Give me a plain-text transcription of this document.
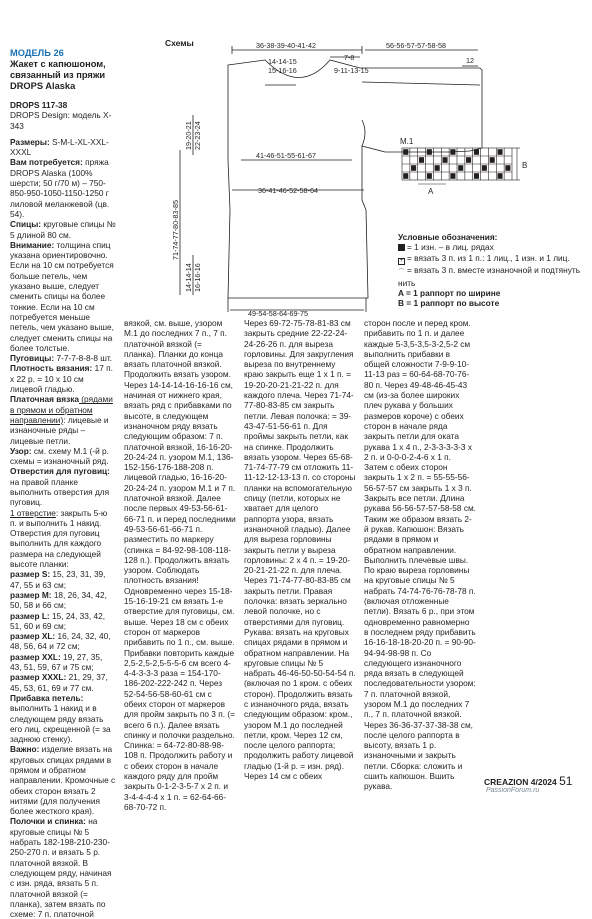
МОДЕЛЬ 26

Жакет с капюшоном, связанный из пряжи DROPS Alaska

DROPS 117-38

DROPS Design: модель X-343

Размеры: S-M-L-XL-XXL-XXXL

Вам потребуется: пряжа DROPS Alaska (100% шерсти; 50 г/70 м) – 750-850-950-1050-1150-1250 г лиловой меланжевой (цв. 54).

Спицы: круговые спицы № 5 длиной 80 см.

Внимание: толщина спиц указана ориентировочно. Если на 10 см потребуется больше петель, чем указано выше, следует сменить спицы на более тонкие. Если на 10 см потребуется меньше петель, чем указано выше, следует сменить спицы на более толстые.

Пуговицы: 7-7-7-8-8-8 шт.

Плотность вязания: 17 п. х 22 р. = 10 х 10 см лицевой гладью.

Платочная вязка (рядами в прямом и обратном направлении): лицевые и изнаночные ряды – лицевые петли.

Узор: см. схему М.1 (-й р. схемы = изнаночный ряд.

Отверстия для пуговиц: на правой планке выполнить отверстия для пуговиц.

1 отверстие: закрыть 5-ю п. и выполнить 1 накид. Отверстия для пуговиц выполнить для каждого размера на следующей высоте планки:

размер S: 15, 23, 31, 39, 47, 55 и 63 см;

размер М: 18, 26, 34, 42, 50, 58 и 66 см;

размер L: 15, 24, 33, 42, 51, 60 и 69 см;

размер XL: 16, 24, 32, 40, 48, 56, 64 и 72 см;

размер XXL: 19, 27, 35, 43, 51, 59, 67 и 75 см;

размер XXXL: 21, 29, 37, 45, 53, 61, 69 и 77 см.

Прибавка петель: выполнить 1 накид и в следующем ряду вязать его лиц. скрещенной (= за заднюю стенку).

Важно: изделие вязать на круговых спицах рядами в прямом и обратном направлении. Кромочные с обеих сторон вязать 2 нитями (для получения более жесткого края).

Полочки и спинка: на круговые спицы № 5 набрать 182-198-210-230-250-270 п. и вязать 5 р. платочной вязкой. В следующем ряду, начиная с изн. ряда, вязать 5 п. платочной вязкой (= планка), затем вязать по схеме: 7 п. платочной

Схемы	36-38-39-40-41-42
14-14-15
15-16-16
7-8
9-11-13-15
56-56-57-57-58-58
12
41-46-51-55-61-67
36-41-46-52-58-64
49-54-58-64-69-75
19-20-21 22-23-24
71-74-77-80-83-85
14-14-14 16-16-16
М.1
A
B

Условные обозначения:

= 1 изн. – в лиц. рядах

+ = вязать 3 п. из 1 п.: 1 лиц., 1 изн. и 1 лиц.

⌒ = вязать 3 п. вместе изнаночной и подтянуть нить

A = 1 раппорт по ширине

B = 1 раппорт по высоте

вязкой, см. выше, узором М.1 до последних 7 п., 7 п. платочной вязкой (= планка). Планки до конца вязать платочной вязкой. Продолжить вязать узором. Через 14-14-14-16-16-16 см, начиная от нижнего края, вязать ряд с прибавками по высоте, в следующем изнаночном ряду вязать следующим образом: 7 п. платочной вязкой, 16-16-20-20-24-24 п. узором М.1, 136-152-156-176-188-208 п. лицевой гладью, 16-16-20-20-24-24 п. узором М.1 и 7 п. платочной вязкой. Далее после первых 49-53-56-61-66-71 п. и перед последними 49-53-56-61-66-71 п. разместить по маркеру (спинка = 84-92-98-108-118-128 п.). Продолжить вязать узором. Соблюдать плотность вязания! Одновременно через 15-18-15-16-19-21 см вязать 1-е отверстие для пуговицы, см. выше. Через 18 см с обеих сторон от маркеров прибавить по 1 п., см. выше. Прибавки повторить каждые 2,5-2,5-2,5-5-5-6 см всего 4-4-4-3-3-3 раза = 154-170-186-202-222-242 п. Через 52-54-56-58-60-61 см с обеих сторон от маркеров для пройм закрыть по 3 п. (= всего 6 п.). Далее вязать спинку и полочки раздельно. Спинка: = 64-72-80-88-98-108 п. Продолжить работу и с обеих сторон в начале каждого ряду для пройм закрыть 0-1-2-3-5-7 х 2 п. и 3-4-4-4-4 х 1 п. = 62-64-66-68-70-72 п.
Через 69-72-75-78-81-83 см закрыть средние 22-22-24-24-26-26 п. для выреза горловины. Для закругления выреза по внутреннему краю закрыть еще 1 х 1 п. = 19-20-20-21-21-22 п. для каждого плеча. Через 71-74-77-80-83-85 см закрыть петли. Левая полочка: = 39-43-47-51-56-61 п. Для проймы закрыть петли, как на спинке. Продолжить вязать узором. Через 65-68-71-74-77-79 см отложить 11-11-12-12-13-13 п. со стороны планки на вспомогательную спицу (петли, которых не хватает для целого раппорта узора, вязать изнаночной гладью). Далее для выреза горловины закрыть петли у выреза горловины: 2 х 4 п. = 19-20-20-21-21-22 п. для плеча. Через 71-74-77-80-83-85 см закрыть петли. Правая полочка: вязать зеркально левой полочке, но с отверстиями для пуговиц. Рукава: вязать на круговых спицах рядами в прямом и обратном направлении. На круговые спицы № 5 набрать 46-46-50-50-54-54 п. (включая по 1 кром. с обеих сторон). Продолжить вязать с изнаночного ряда, вязать следующим образом: кром., узором М.1 до последней петли, кром. Через 12 см, после целого раппорта; продолжить работу лицевой гладью (1-й р. = изн. ряд). Через 14 см с обеих
сторон после и перед кром. прибавить по 1 п. и далее каждые 5-3,5-3,5-3-2,5-2 см выполнить прибавки в общей сложности 7-9-9-10-11-13 раз = 60-64-68-70-76-80 п. Через 49-48-46-45-43 см (из-за более широких плеч рукава у больших размеров короче) с обеих сторон в начале ряда закрыть петли для оката рукава 1 х 4 п., 2-3-3-3-3-3 х 2 п. и 0-0-0-2-4-6 х 1 п. Затем с обеих сторон закрыть 1 х 2 п. = 55-55-56-56-57-57 см закрыть 1 х 3 п. Закрыть все петли. Длина рукава 56-56-57-57-58-58 см. Таким же образом вязать 2-й рукав. Капюшон: Вязать рядами в прямом и обратном направлении. Выполнить плечевые швы. По краю выреза горловины на круговые спицы № 5 набрать 74-74-76-76-78-78 п. (включая отложенные петли). Вязать 6 р., при этом одновременно равномерно в последнем ряду прибавить 16-16-18-18-20-20 п. = 90-90-94-94-98-98 п. Со следующего изнаночного ряда вязать в следующей последовательности узором: 7 п. платочной вязкой, узором М.1 до последних 7 п., 7 п. платочной вязкой. Через 36-36-37-37-38-38 см, после целого раппорта в высоту, вязать 1 р. изнаночными и закрыть петли. Сборка: сложить и сшить капюшон. Вшить рукава.	CREAZION 4/2024 51
PassionForum.ru
